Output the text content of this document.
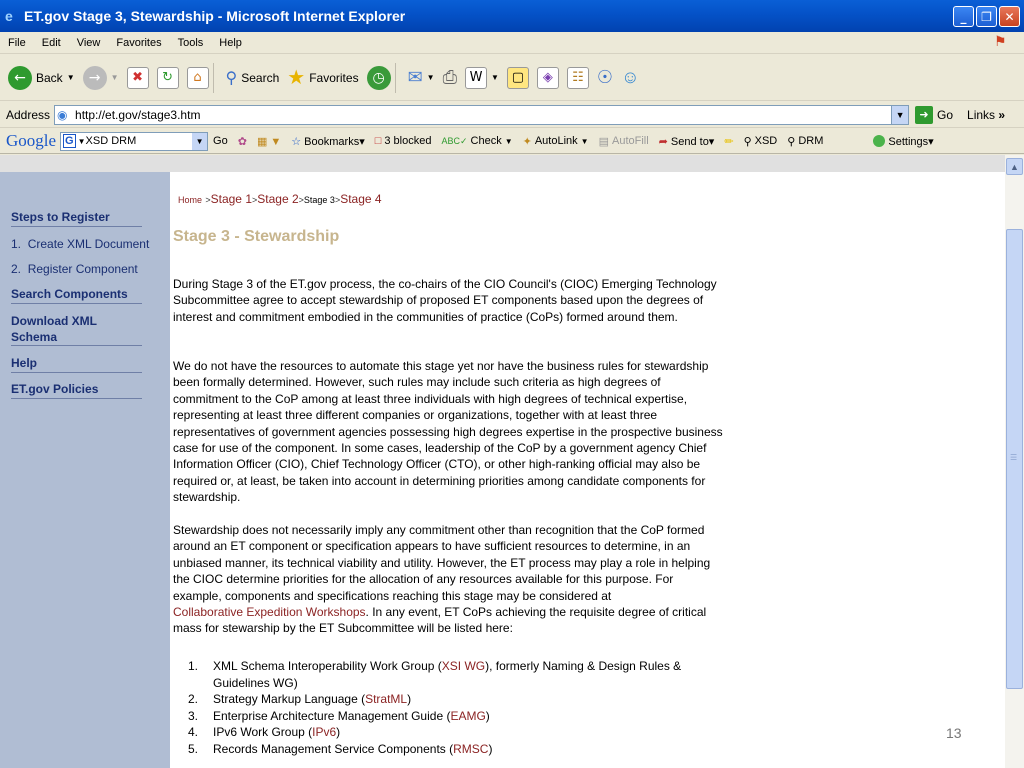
e ET.gov Stage 3, Stewardship - Microsoft Internet Explorer	_	❐	✕
File	Edit	View	Favorites	Tools	Help	⚑
← Back ▼	→	▼	✖	↻	⌂	⚲ Search ★ Favorites ◷	✉ ▼ ⎙ W	▼ ▢	◈	☷ ☉ ☺
Address ◉ http://et.gov/stage3.htm	▼	➜ Go Links »
Google G ▼ XSD DRM	▼ Go ✿ ▦ ▼ ☆ Bookmarks▾ □ 3 blocked ABC✓ Check ▼ ✦ AutoLink ▼ ▤ AutoFill ➦ Send to▾ ✏ ⚲ XSD ⚲ DRM	Settings▾
Steps to Register
1. Create XML Document
2. Register Component
Search Components
Download XML
Schema
Help
ET.gov Policies
Home >Stage 1>Stage 2>Stage 3>Stage 4
Stage 3 - Stewardship
During Stage 3 of the ET.gov process, the co-chairs of the CIO Council's (CIOC) Emerging Technology Subcommittee agree to accept stewardship of proposed ET components based upon the degrees of interest and commitment embodied in the communities of practice (CoPs) formed around them.
We do not have the resources to automate this stage yet nor have the business rules for stewardship been formally determined. However, such rules may include such criteria as high degrees of commitment to the CoP among at least three individuals with high degrees of technical expertise, representing at least three different companies or organizations, together with at least three representatives of government agencies possessing high degrees expertise in the prospective business case for use of the component. In some cases, leadership of the CoP by a government agency Chief Information Officer (CIO), Chief Technology Officer (CTO), or other high-ranking official may also be required or, at least, be taken into account in determining priorities among candidate components for stewardship.
Stewardship does not necessarily imply any commitment other than recognition that the CoP formed around an ET component or specification appears to have sufficient resources to determine, in an unbiased manner, its technical viability and utility. However, the ET process may play a role in helping the CIOC determine priorities for the allocation of any resources available for this purpose. For example, components and specifications reaching this stage may be considered at
Collaborative Expedition Workshops. In any event, ET CoPs achieving the requisite degree of critical mass for stewarship by the ET Subcommittee will be listed here:
1.	XML Schema Interoperability Work Group (XSI WG), formerly Naming & Design Rules & Guidelines WG)
2.	Strategy Markup Language (StratML)
3.	Enterprise Architecture Management Guide (EAMG)
4.	IPv6 Work Group (IPv6)
5.	Records Management Service Components (RMSC)
13
▲
☰
